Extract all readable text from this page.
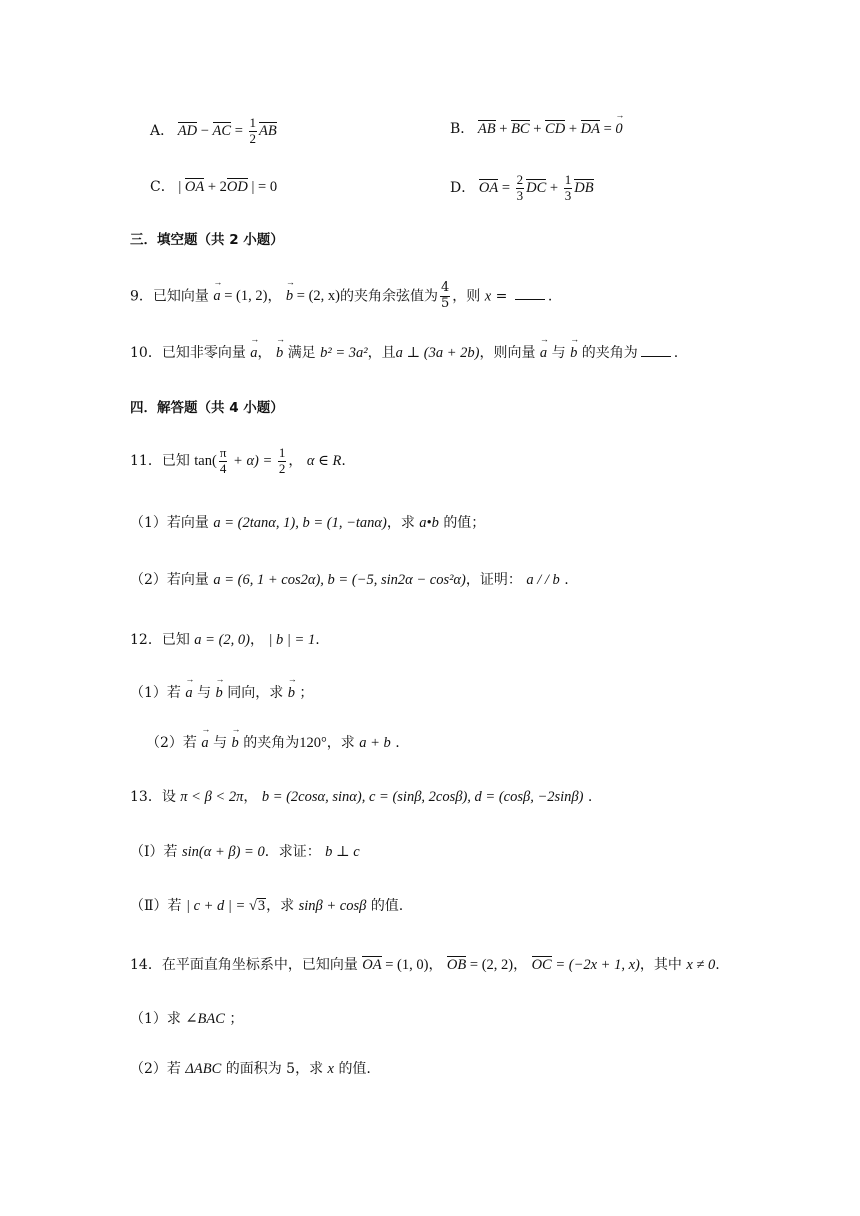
A． AD − AC = $\frac{1}{2}$ AB	B． AB + BC + CD + DA = → 0
C． | OA + 2OD | = 0	D． OA = $\frac{2}{3}$ DC + $\frac{1}{3}$ DB
三．填空题（共 2 小题）
9．已知向量 → a = (1, 2)， → b = (2, x)的夹角余弦值为 $\frac{4}{5}$ ，则 x =	.
10．已知非零向量 → a， → b 满足 b² = 3a²，且a ⊥ (3a + 2b)，则向量 → a 与 → b 的夹角为	.
四．解答题（共 4 小题）
11．已知 $\tan( \frac{\pi}{4} + \alpha) = \frac{1}{2}$ ， α ∈ R.
（1）若向量 a = (2tanα, 1), b = (1, −tanα)，求 a•b 的值；
（2）若向量 a = (6, 1 + cos2α), b = (−5, sin2α − cos²α)，证明： a / / b .
12．已知 a = (2, 0)， | b | = 1.
（1）若 → a 与 → b 同向，求 → b ；
（2）若 → a 与 → b 的夹角为120°，求 a + b .
13．设 π < β < 2π， b = (2cosα, sinα), c = (sinβ, 2cosβ), d = (cosβ, −2sinβ) .
（Ⅰ）若 sin(α + β) = 0．求证： b ⊥ c
（Ⅱ）若 | c + d | = √3，求 sinβ + cosβ 的值.
14．在平面直角坐标系中，已知向量 OA = (1, 0)， OB = (2, 2)， OC = (−2x + 1, x)，其中 x ≠ 0.
（1）求 ∠BAC ；
（2）若 ΔABC 的面积为 5，求 x 的值.
